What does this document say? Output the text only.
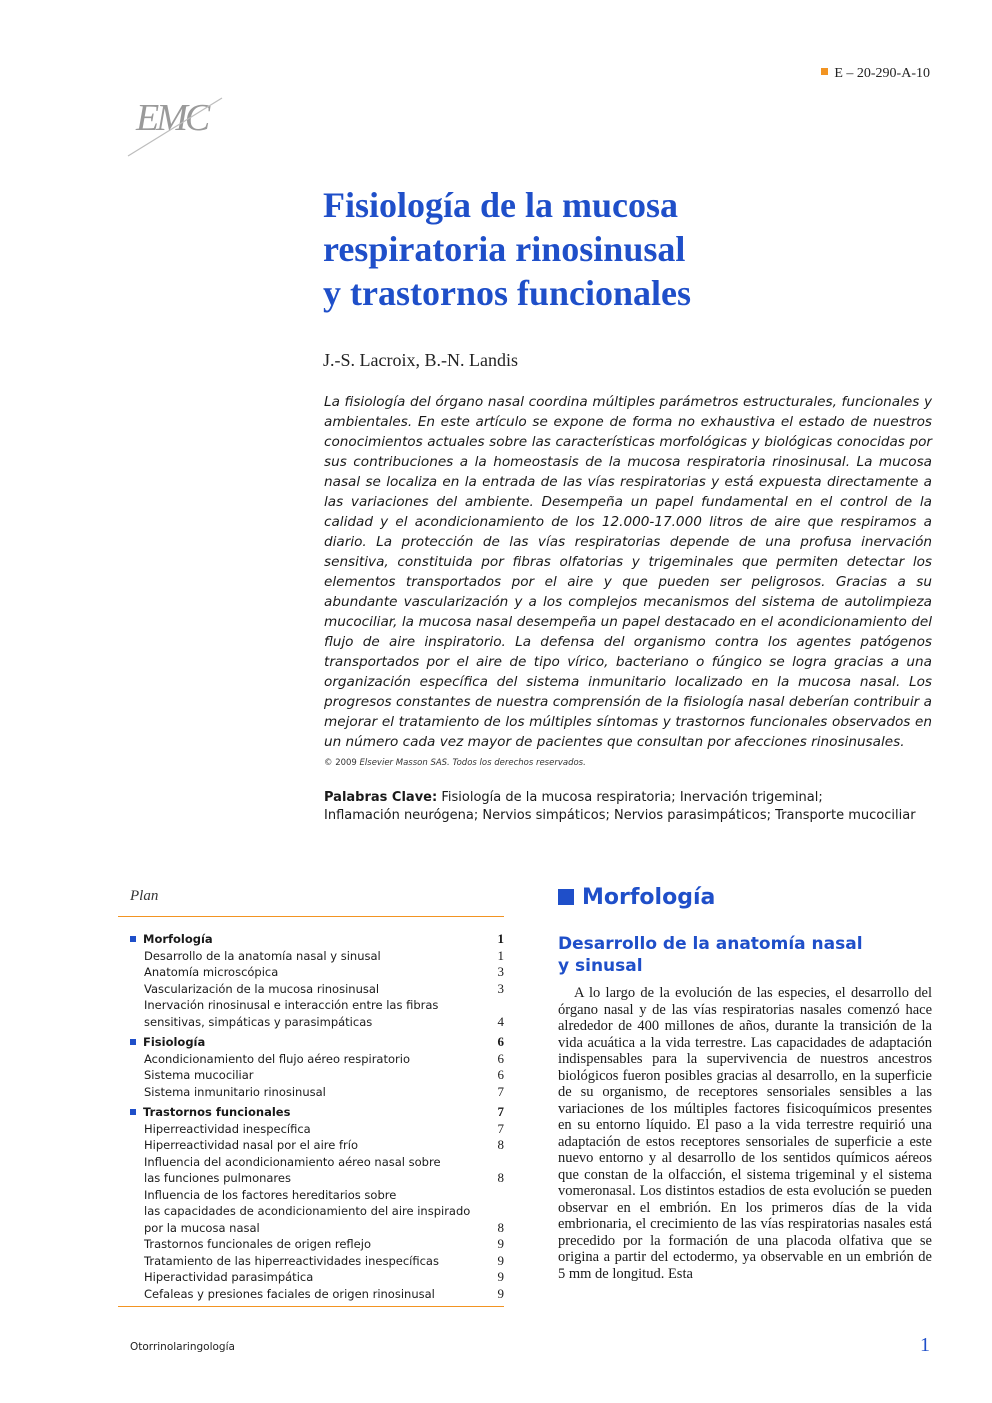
EMC
E – 20-290-A-10
Fisiología de la mucosa
respiratoria rinosinusal
y trastornos funcionales
J.-S. Lacroix, B.-N. Landis

La fisiología del órgano nasal coordina múltiples parámetros estructurales, funcionales y ambientales. En este artículo se expone de forma no exhaustiva el estado de nuestros conocimientos actuales sobre las características morfológicas y biológicas conocidas por sus contribuciones a la homeostasis de la mucosa respiratoria rinosinusal. La mucosa nasal se localiza en la entrada de las vías respiratorias y está expuesta directamente a las variaciones del ambiente. Desempeña un papel fundamental en el control de la calidad y el acondicionamiento de los 12.000-17.000 litros de aire que respiramos a diario. La protección de las vías respiratorias depende de una profusa inervación sensitiva, constituida por fibras olfatorias y trigeminales que permiten detectar los elementos transportados por el aire y que pueden ser peligrosos. Gracias a su abundante vascularización y a los complejos mecanismos del sistema de autolimpieza mucociliar, la mucosa nasal desempeña un papel destacado en el acondicionamiento del flujo de aire inspiratorio. La defensa del organismo contra los agentes patógenos transportados por el aire de tipo vírico, bacteriano o fúngico se logra gracias a una organización específica del sistema inmunitario localizado en la mucosa nasal. Los progresos constantes de nuestra comprensión de la fisiología nasal deberían contribuir a mejorar el tratamiento de los múltiples síntomas y trastornos funcionales observados en un número cada vez mayor de pacientes que consultan por afecciones rinosinusales.

© 2009 Elsevier Masson SAS. Todos los derechos reservados.
Palabras Clave: Fisiología de la mucosa respiratoria; Inervación trigeminal;
Inflamación neurógena; Nervios simpáticos; Nervios parasimpáticos; Transporte mucociliar
Plan
Morfología	1
Desarrollo de la anatomía nasal y sinusal	1
Anatomía microscópica	3
Vascularización de la mucosa rinosinusal	3
Inervación rinosinusal e interacción entre las fibras
sensitivas, simpáticas y parasimpáticas	4
Fisiología	6
Acondicionamiento del flujo aéreo respiratorio	6
Sistema mucociliar	6
Sistema inmunitario rinosinusal	7
Trastornos funcionales	7
Hiperreactividad inespecífica	7
Hiperreactividad nasal por el aire frío	8
Influencia del acondicionamiento aéreo nasal sobre
las funciones pulmonares	8
Influencia de los factores hereditarios sobre
las capacidades de acondicionamiento del aire inspirado
por la mucosa nasal	8
Trastornos funcionales de origen reflejo	9
Tratamiento de las hiperreactividades inespecíficas	9
Hiperactividad parasimpática	9
Cefaleas y presiones faciales de origen rinosinusal	9
Morfología
Desarrollo de la anatomía nasal
y sinusal

A lo largo de la evolución de las especies, el desarrollo del órgano nasal y de las vías respiratorias nasales comenzó hace alrededor de 400 millones de años, durante la transición de la vida acuática a la vida terrestre. Las capacidades de adaptación indispensables para la supervivencia de nuestros ancestros biológicos fueron posibles gracias al desarrollo, en la superficie de su organismo, de receptores sensoriales sensibles a las variaciones de los múltiples factores fisicoquímicos presentes en su entorno líquido. El paso a la vida terrestre requirió una adaptación de estos receptores sensoriales de superficie a este nuevo entorno y al desarrollo de los sentidos químicos aéreos que constan de la olfacción, el sistema trigeminal y el sistema vomeronasal. Los distintos estadios de esta evolución se pueden observar en el embrión. En los primeros días de la vida embrionaria, el crecimiento de las vías respiratorias nasales está precedido por la formación de una placoda olfativa que se origina a partir del ectodermo, ya observable en un embrión de 5 mm de longitud. Esta

Otorrinolaringología	1
